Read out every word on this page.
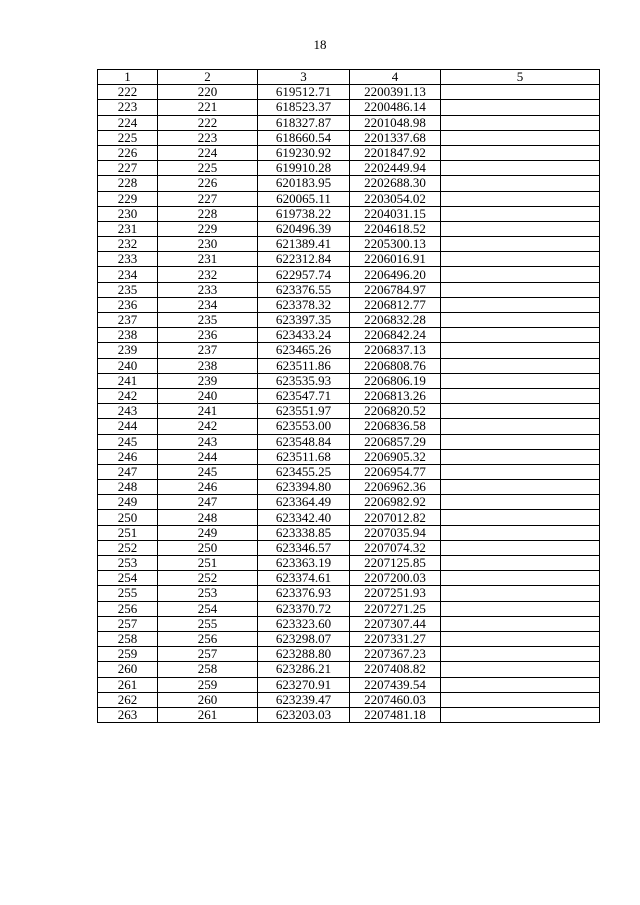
18
1	2	3	4	5
222	220	619512.71	2200391.13	
223	221	618523.37	2200486.14	
224	222	618327.87	2201048.98	
225	223	618660.54	2201337.68	
226	224	619230.92	2201847.92	
227	225	619910.28	2202449.94	
228	226	620183.95	2202688.30	
229	227	620065.11	2203054.02	
230	228	619738.22	2204031.15	
231	229	620496.39	2204618.52	
232	230	621389.41	2205300.13	
233	231	622312.84	2206016.91	
234	232	622957.74	2206496.20	
235	233	623376.55	2206784.97	
236	234	623378.32	2206812.77	
237	235	623397.35	2206832.28	
238	236	623433.24	2206842.24	
239	237	623465.26	2206837.13	
240	238	623511.86	2206808.76	
241	239	623535.93	2206806.19	
242	240	623547.71	2206813.26	
243	241	623551.97	2206820.52	
244	242	623553.00	2206836.58	
245	243	623548.84	2206857.29	
246	244	623511.68	2206905.32	
247	245	623455.25	2206954.77	
248	246	623394.80	2206962.36	
249	247	623364.49	2206982.92	
250	248	623342.40	2207012.82	
251	249	623338.85	2207035.94	
252	250	623346.57	2207074.32	
253	251	623363.19	2207125.85	
254	252	623374.61	2207200.03	
255	253	623376.93	2207251.93	
256	254	623370.72	2207271.25	
257	255	623323.60	2207307.44	
258	256	623298.07	2207331.27	
259	257	623288.80	2207367.23	
260	258	623286.21	2207408.82	
261	259	623270.91	2207439.54	
262	260	623239.47	2207460.03	
263	261	623203.03	2207481.18	
